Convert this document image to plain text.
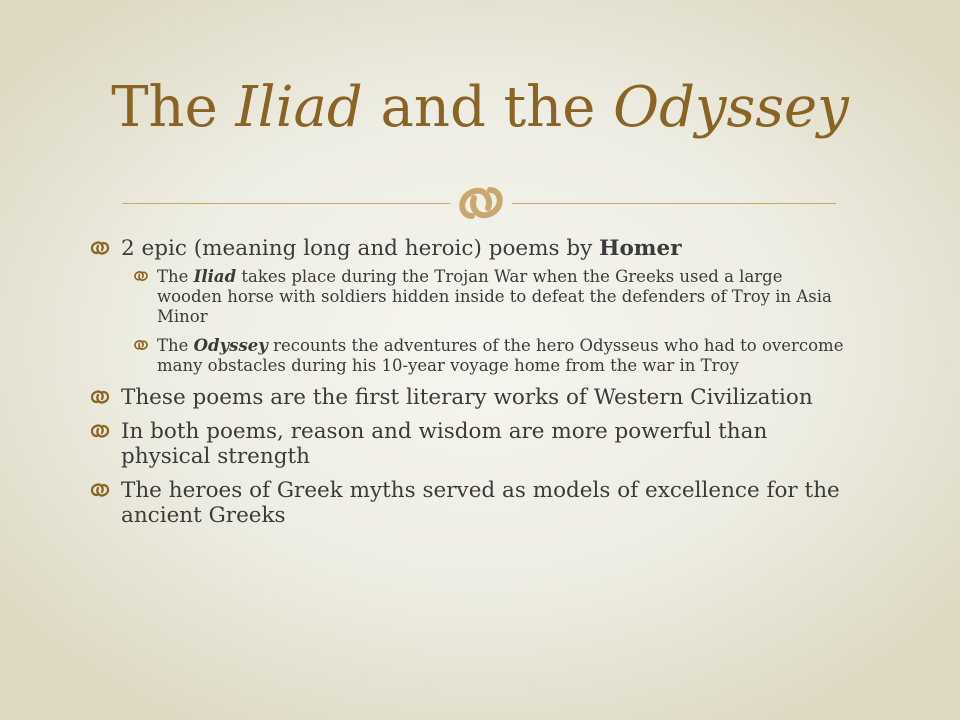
The Iliad and the Odyssey
2 epic (meaning long and heroic) poems by Homer
The Iliad takes place during the Trojan War when the Greeks used a large wooden horse with soldiers hidden inside to defeat the defenders of Troy in Asia Minor
The Odyssey recounts the adventures of the hero Odysseus who had to overcome many obstacles during his 10-year voyage home from the war in Troy
These poems are the first literary works of Western Civilization
In both poems, reason and wisdom are more powerful than physical strength
The heroes of Greek myths served as models of excellence for the ancient Greeks
